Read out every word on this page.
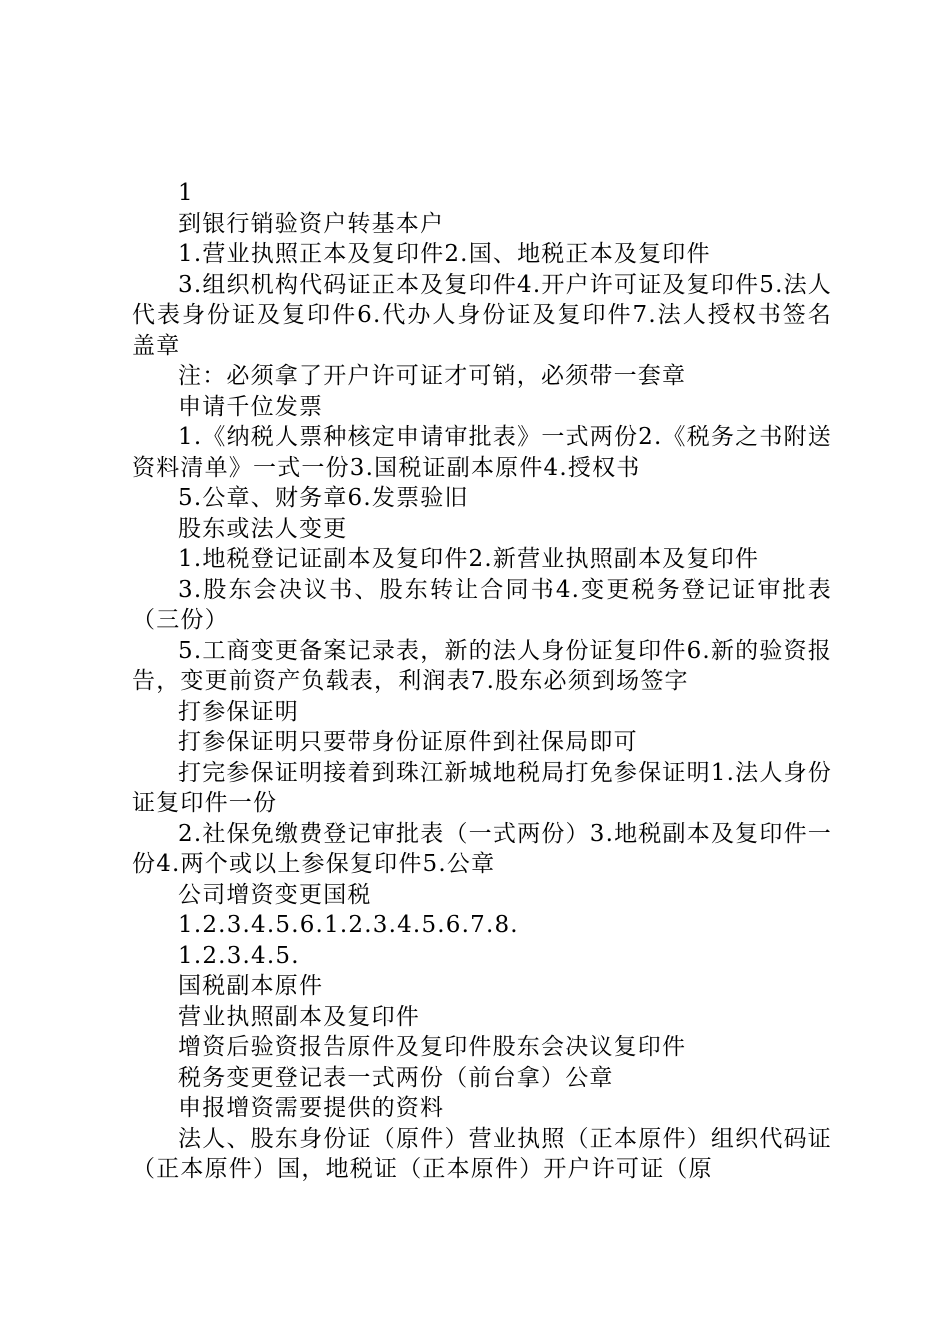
1

到银行销验资户转基本户

1.营业执照正本及复印件2.国、地税正本及复印件

3.组织机构代码证正本及复印件4.开户许可证及复印件5.法人代表身份证及复印件6.代办人身份证及复印件7.法人授权书签名盖章

注：必须拿了开户许可证才可销，必须带一套章

申请千位发票

1.《纳税人票种核定申请审批表》一式两份2.《税务之书附送资料清单》一式一份3.国税证副本原件4.授权书

5.公章、财务章6.发票验旧

股东或法人变更

1.地税登记证副本及复印件2.新营业执照副本及复印件

3.股东会决议书、股东转让合同书4.变更税务登记证审批表（三份）

5.工商变更备案记录表，新的法人身份证复印件6.新的验资报告，变更前资产负载表，利润表7.股东必须到场签字

打参保证明

打参保证明只要带身份证原件到社保局即可

打完参保证明接着到珠江新城地税局打免参保证明1.法人身份证复印件一份

2.社保免缴费登记审批表（一式两份）3.地税副本及复印件一份4.两个或以上参保复印件5.公章

公司增资变更国税

1.2.3.4.5.6.1.2.3.4.5.6.7.8.

1.2.3.4.5.

国税副本原件

营业执照副本及复印件

增资后验资报告原件及复印件股东会决议复印件

税务变更登记表一式两份（前台拿）公章

申报增资需要提供的资料

法人、股东身份证（原件）营业执照（正本原件）组织代码证（正本原件）国，地税证（正本原件）开户许可证（原
